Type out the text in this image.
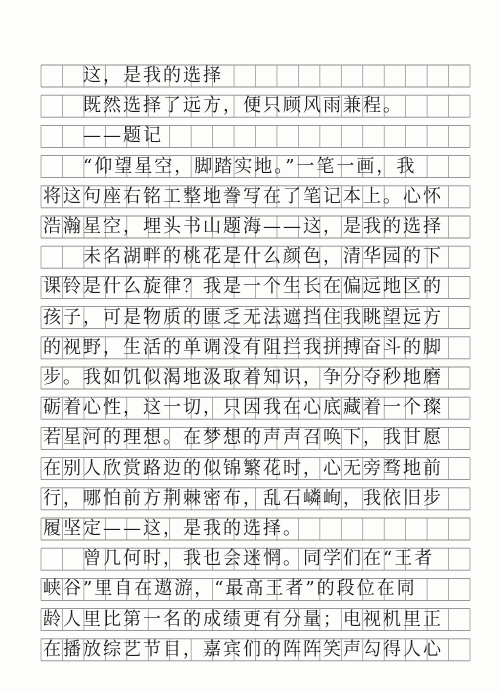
　　这，是我的选择
　　既然选择了远方，便只顾风雨兼程。
　　——题记
　　“仰望星空，脚踏实地。”一笔一画，我
将这句座右铭工整地誊写在了笔记本上。心怀
浩瀚星空，埋头书山题海——这，是我的选择
　　未名湖畔的桃花是什么颜色，清华园的下
课铃是什么旋律？我是一个生长在偏远地区的
孩子，可是物质的匮乏无法遮挡住我眺望远方
的视野，生活的单调没有阻拦我拼搏奋斗的脚
步。我如饥似渴地汲取着知识，争分夺秒地磨
砺着心性，这一切，只因我在心底藏着一个璨
若星河的理想。在梦想的声声召唤下，我甘愿
在别人欣赏路边的似锦繁花时，心无旁骛地前
行，哪怕前方荆棘密布，乱石嶙峋，我依旧步
履坚定——这，是我的选择。
　　曾几何时，我也会迷惘。同学们在“王者
峡谷”里自在遨游，“最高王者”的段位在同
龄人里比第一名的成绩更有分量；电视机里正
在播放综艺节目，嘉宾们的阵阵笑声勾得人心
